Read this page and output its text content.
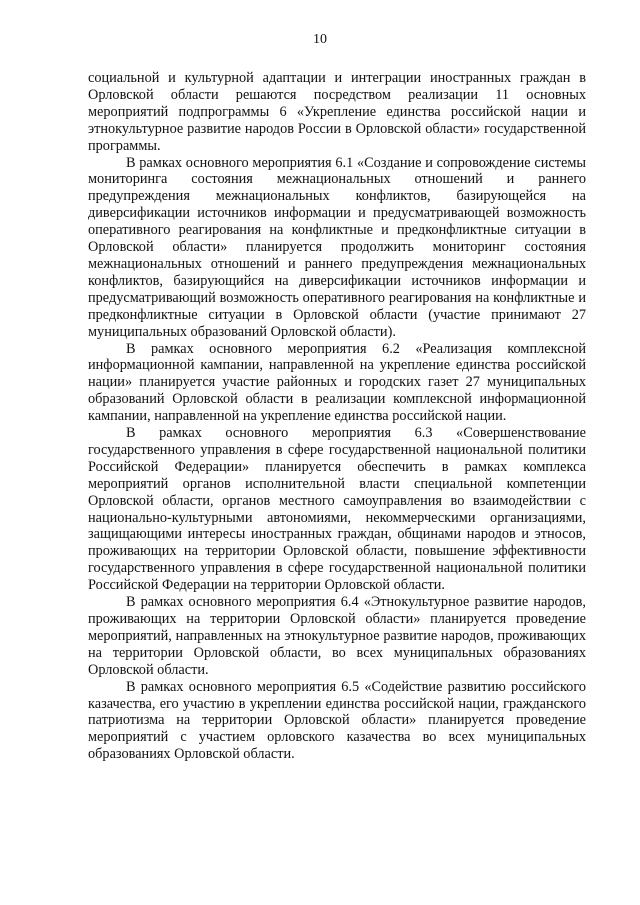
10

социальной и культурной адаптации и интеграции иностранных граждан в Орловской области решаются посредством реализации 11 основных мероприятий подпрограммы 6 «Укрепление единства российской нации и этнокультурное развитие народов России в Орловской области» государственной программы.

В рамках основного мероприятия 6.1 «Создание и сопровождение системы мониторинга состояния межнациональных отношений и раннего предупреждения межнациональных конфликтов, базирующейся на диверсификации источников информации и предусматривающей возможность оперативного реагирования на конфликтные и предконфликтные ситуации в Орловской области» планируется продолжить мониторинг состояния межнациональных отношений и раннего предупреждения межнациональных конфликтов, базирующийся на диверсификации источников информации и предусматривающий возможность оперативного реагирования на конфликтные и предконфликтные ситуации в Орловской области (участие принимают 27 муниципальных образований Орловской области).

В рамках основного мероприятия 6.2 «Реализация комплексной информационной кампании, направленной на укрепление единства российской нации» планируется участие районных и городских газет 27 муниципальных образований Орловской области в реализации комплексной информационной кампании, направленной на укрепление единства российской нации.

В рамках основного мероприятия 6.3 «Совершенствование государственного управления в сфере государственной национальной политики Российской Федерации» планируется обеспечить в рамках комплекса мероприятий органов исполнительной власти специальной компетенции Орловской области, органов местного самоуправления во взаимодействии с национально-культурными автономиями, некоммерческими организациями, защищающими интересы иностранных граждан, общинами народов и этносов, проживающих на территории Орловской области, повышение эффективности государственного управления в сфере государственной национальной политики Российской Федерации на территории Орловской области.

В рамках основного мероприятия 6.4 «Этнокультурное развитие народов, проживающих на территории Орловской области» планируется проведение мероприятий, направленных на этнокультурное развитие народов, проживающих на территории Орловской области, во всех муниципальных образованиях Орловской области.

В рамках основного мероприятия 6.5 «Содействие развитию российского казачества, его участию в укреплении единства российской нации, гражданского патриотизма на территории Орловской области» планируется проведение мероприятий с участием орловского казачества во всех муниципальных образованиях Орловской области.
